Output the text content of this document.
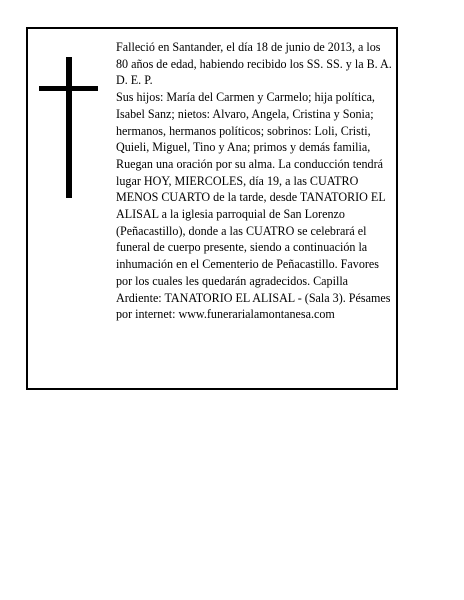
Falleció en Santander, el día 18 de junio de 2013, a los 80 años de edad, habiendo recibido los SS. SS. y la B. A.

D. E. P.

Sus hijos: María del Carmen y Carmelo; hija política, Isabel Sanz; nietos: Alvaro, Angela, Cristina y Sonia; hermanos, hermanos políticos; sobrinos: Loli, Cristi, Quieli, Miguel, Tino y Ana; primos y demás familia, Ruegan una oración por su alma. La conducción tendrá lugar HOY, MIERCOLES, día 19, a las CUATRO MENOS CUARTO de la tarde, desde TANATORIO EL ALISAL a la iglesia parroquial de San Lorenzo (Peñacastillo), donde a las CUATRO se celebrará el funeral de cuerpo presente, siendo a continuación la inhumación en el Cementerio de Peñacastillo. Favores por los cuales les quedarán agradecidos. Capilla Ardiente: TANATORIO EL ALISAL - (Sala 3). Pésames por internet: www.funerarialamontanesa.com
